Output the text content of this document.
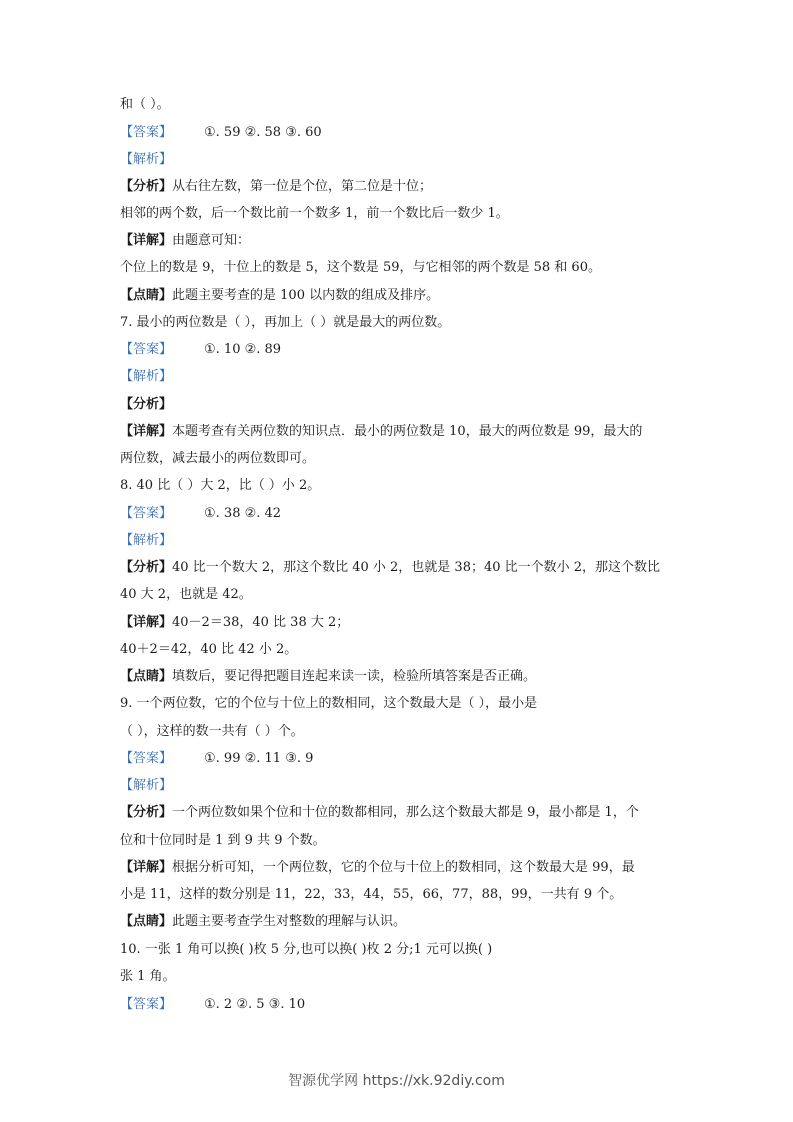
和（ ）。
【答案】 ①. 59 ②. 58 ③. 60
【解析】
【分析】从右往左数，第一位是个位，第二位是十位；
相邻的两个数，后一个数比前一个数多 1，前一个数比后一数少 1。
【详解】由题意可知：
个位上的数是 9，十位上的数是 5，这个数是 59，与它相邻的两个数是 58 和 60。
【点睛】此题主要考查的是 100 以内数的组成及排序。
7. 最小的两位数是（ ），再加上（ ）就是最大的两位数。
【答案】 ①. 10 ②. 89
【解析】
【分析】
【详解】本题考查有关两位数的知识点．最小的两位数是 10，最大的两位数是 99，最大的
两位数，减去最小的两位数即可。
8. 40 比（ ）大 2，比（ ）小 2。
【答案】 ①. 38 ②. 42
【解析】
【分析】40 比一个数大 2，那这个数比 40 小 2，也就是 38；40 比一个数小 2，那这个数比
40 大 2，也就是 42。
【详解】40－2＝38，40 比 38 大 2；
40＋2＝42，40 比 42 小 2。
【点睛】填数后，要记得把题目连起来读一读，检验所填答案是否正确。
9. 一个两位数，它的个位与十位上的数相同，这个数最大是（ ），最小是
（ ），这样的数一共有（ ）个。
【答案】 ①. 99 ②. 11 ③. 9
【解析】
【分析】一个两位数如果个位和十位的数都相同，那么这个数最大都是 9，最小都是 1，个
位和十位同时是 1 到 9 共 9 个数。
【详解】根据分析可知，一个两位数，它的个位与十位上的数相同，这个数最大是 99，最
小是 11，这样的数分别是 11，22，33，44，55，66，77，88，99，一共有 9 个。
【点睛】此题主要考查学生对整数的理解与认识。
10. 一张 1 角可以换( )枚 5 分,也可以换( )枚 2 分;1 元可以换( )
张 1 角。
【答案】 ①. 2 ②. 5 ③. 10
智源优学网 https://xk.92diy.com
